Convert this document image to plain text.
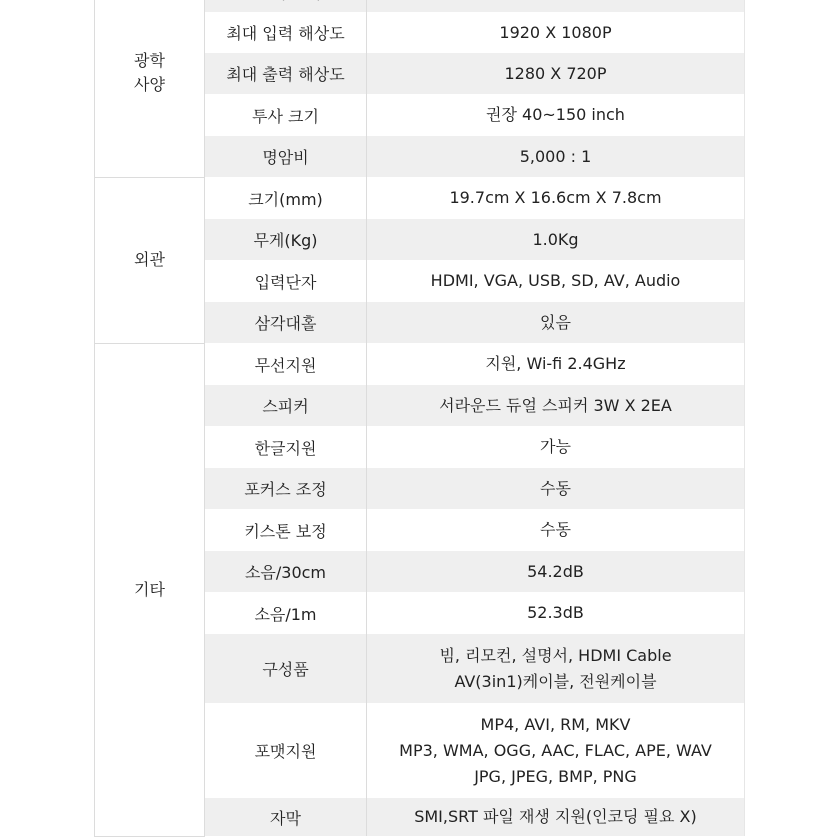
광학
사양

	최대 입력 해상도	1920 X 1080P

	최대 출력 해상도	1280 X 720P

	투사 크기	권장 40~150 inch

	명암비	5,000 : 1

외관	크기(mm)	19.7cm X 16.6cm X 7.8cm

	무게(Kg)	1.0Kg

	입력단자	HDMI, VGA, USB, SD, AV, Audio

	삼각대홀	있음

기타	무선지원	지원, Wi-fi 2.4GHz

	스피커	서라운드 듀얼 스피커 3W X 2EA

	한글지원	가능

	포커스 조정	수동

	키스톤 보정	수동

	소음/30cm	54.2dB

	소음/1m	52.3dB

	구성품	빔, 리모컨, 설명서, HDMI Cable
AV(3in1)케이블, 전원케이블

	포맷지원	MP4, AVI, RM, MKV
MP3, WMA, OGG, AAC, FLAC, APE, WAV
JPG, JPEG, BMP, PNG

	자막	SMI,SRT 파일 재생 지원(인코딩 필요 X)
